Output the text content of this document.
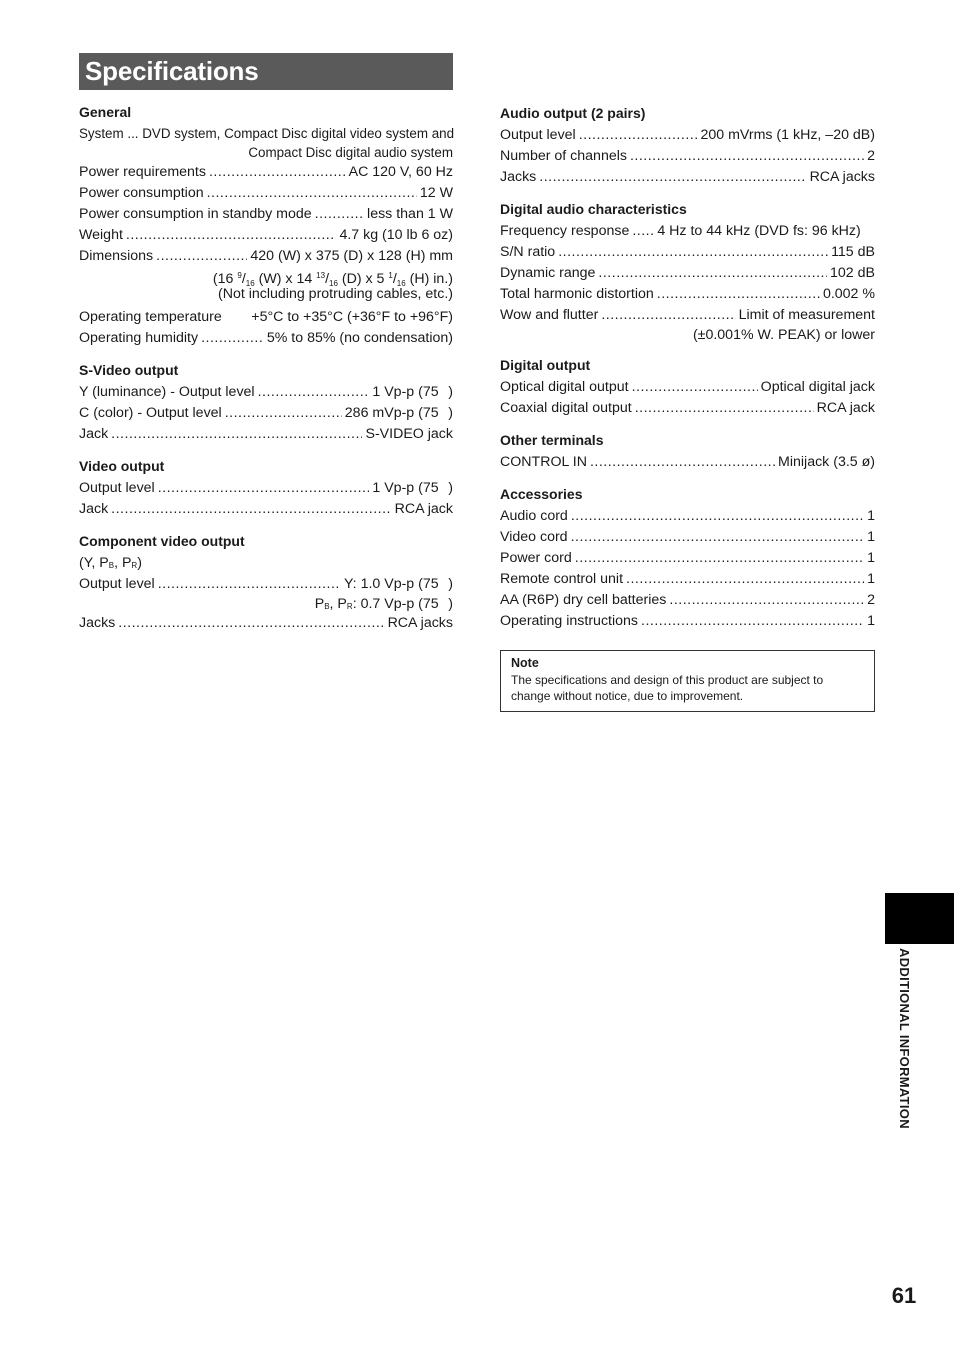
Specifications
General
System ... DVD system, Compact Disc digital video system and
Compact Disc digital audio system
Power requirements .....	AC 120 V, 60 Hz
Power consumption .....	12 W
Power consumption in standby mode .....	less than 1 W
Weight .....	4.7 kg (10 lb 6 oz)
Dimensions .....	420 (W) x 375 (D) x 128 (H) mm
(16 $^9/_{16}$ (W) x 14 $^{13}/_{16}$ (D) x 5 $^1/_{16}$ (H) in.)
(Not including protruding cables, etc.)
Operating temperature +5°C to +35°C (+36°F to +96°F)
Operating humidity .....	5% to 85% (no condensation)
S-Video output
Y (luminance) - Output level .....	1 Vp-p (75   )
C (color) - Output level .....	286 mVp-p (75   )
Jack .....	S-VIDEO jack
Video output
Output level .....	1 Vp-p (75   )
Jack .....	RCA jack
Component video output
(Y, PB, PR)
Output level .....	Y: 1.0 Vp-p (75   )
PB, PR: 0.7 Vp-p (75   )
Jacks .....	RCA jacks
Audio output (2 pairs)
Output level .....	200 mVrms (1 kHz, –20 dB)
Number of channels .....	2
Jacks .....	RCA jacks
Digital audio characteristics
Frequency response ..... 4 Hz to 44 kHz (DVD fs: 96 kHz)
S/N ratio .....	115 dB
Dynamic range .....	102 dB
Total harmonic distortion .....	0.002 %
Wow and flutter .....	Limit of measurement
(±0.001% W. PEAK) or lower
Digital output
Optical digital output .....	Optical digital jack
Coaxial digital output .....	RCA jack
Other terminals
CONTROL IN .....	Minijack (3.5 ø)
Accessories
Audio cord .....	1
Video cord .....	1
Power cord .....	1
Remote control unit .....	1
AA (R6P) dry cell batteries .....	2
Operating instructions .....	1
Note
The specifications and design of this product are subject to change without notice, due to improvement.
ADDITIONAL INFORMATION
61
